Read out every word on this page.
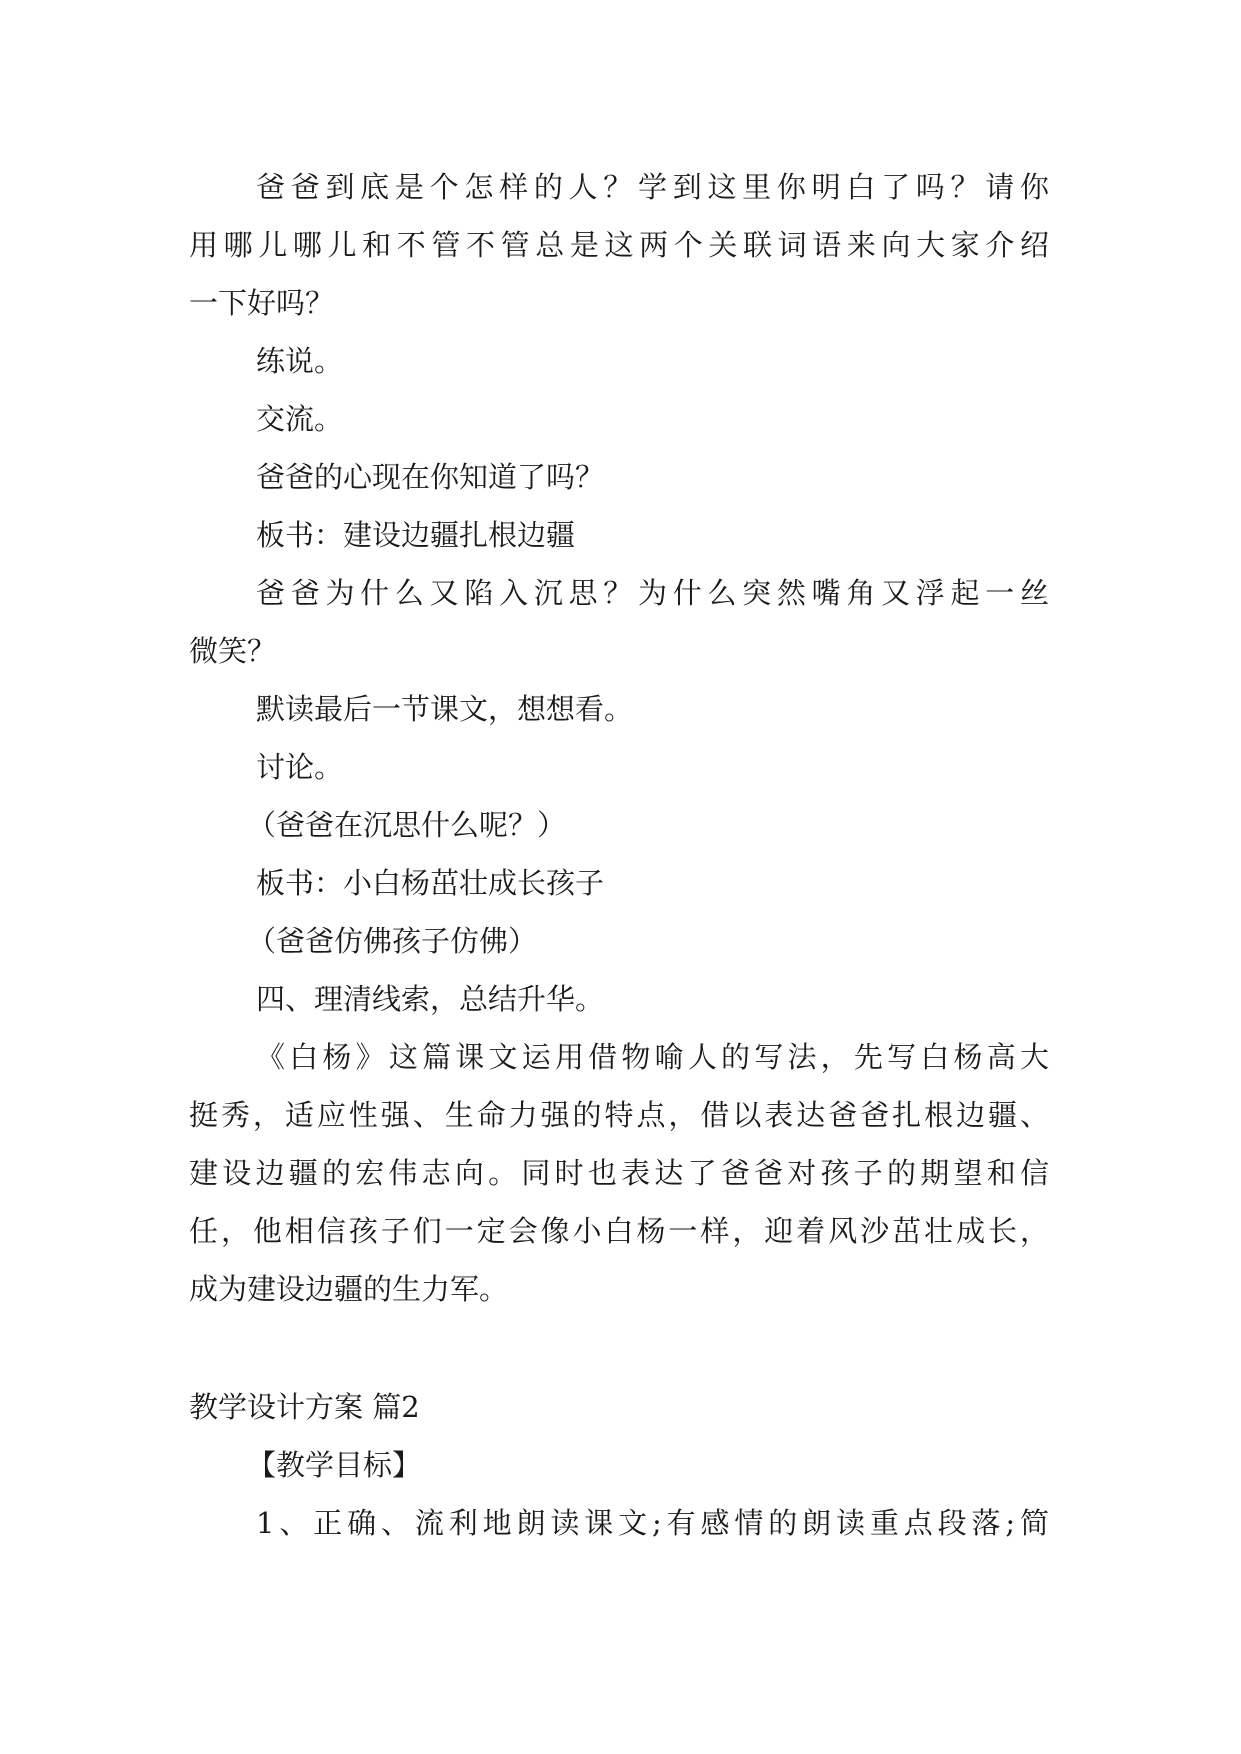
爸爸到底是个怎样的人？学到这里你明白了吗？请你
用哪儿哪儿和不管不管总是这两个关联词语来向大家介绍
一下好吗？
练说。
交流。
爸爸的心现在你知道了吗？
板书：建设边疆扎根边疆
爸爸为什么又陷入沉思？为什么突然嘴角又浮起一丝
微笑？
默读最后一节课文，想想看。
讨论。
（爸爸在沉思什么呢？）
板书：小白杨茁壮成长孩子
（爸爸仿佛孩子仿佛）
四、理清线索，总结升华。
《白杨》这篇课文运用借物喻人的写法，先写白杨高大
挺秀，适应性强、生命力强的特点，借以表达爸爸扎根边疆、
建设边疆的宏伟志向。同时也表达了爸爸对孩子的期望和信
任，他相信孩子们一定会像小白杨一样，迎着风沙茁壮成长，
成为建设边疆的生力军。
教学设计方案 篇2
【教学目标】
1、正确、流利地朗读课文;有感情的朗读重点段落;简
